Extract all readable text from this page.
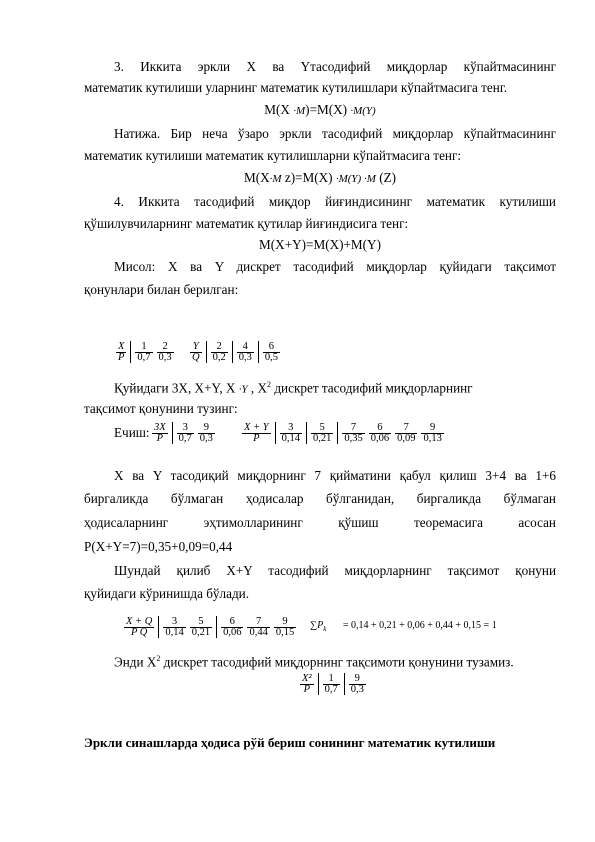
3. Иккита эркли X ва Yтасодифий миқдорлар кўпайтмасининг
математик кутилиши уларнинг математик кутилишлари кўпайтмасига тенг.
M(X ·M)=M(X) ·M(Y)
Натижа. Бир нeча ўзаро эркли тасодифий миқдорлар кўпайтмасининг
математик кутилиши математик кутилишларни кўпайтмасига тенг:
M(X·M z)=M(X) ·M(Y) ·M (Z)
4. Иккита тасодифий миқдор йиғиндисининг математик кутилиши
қўшилувчиларнинг математик қутилар йиғиндисига тенг:
M(X+Y)=M(X)+M(Y)
Мисол: X ва Y дискрет тасодифий миқдорлар қуйидаги тақсимот
қонунлари билан берилган:
$\frac{X}{P} \frac{1}{0,7} \frac{2}{0,3} \frac{Y}{Q} \frac{2}{0,2} \frac{4}{0,3} \frac{6}{0,5}$
Қуйидаги 3X, X+Y, X ·Y , $X^2$ дискрет тасодифий миқдорларнинг
тақсимот қонунини тузинг:
Ечиш: $\frac{3X}{P} \frac{3}{0,7} \frac{9}{0,3}$	$\frac{X + Y}{P} \frac{3}{0,14} \frac{5}{0,21} \frac{7}{0,35} \frac{6}{0,06} \frac{7}{0,09} \frac{9}{0,13}$
X ва Y тасодиқий миқдорнинг 7 қийматини қабул қилиш 3+4 ва 1+6
биргаликда бўлмаган ҳодисалар бўлганидан, биргаликда бўлмаган
ҳодисаларнинг эҳтимолларининг қўшиш теоремасига асосан
P(X+Y=7)=0,35+0,09=0,44
Шундай қилиб X+Y тасодифий миқдорларнинг тақсимот қонуни
қуйидаги кўринишда бўлади.
$\frac{X + Q}{\text{P Q}} \frac{3}{0,14} \frac{5}{0,21} \frac{6}{0,06} \frac{7}{0,44} \frac{9}{0,15} \sum P_k = 0,14 + 0,21 + 0,06 + 0,44 + 0,15 = 1$
Энди $X^2$ дискрет тасодифий миқдорнинг тақсимоти қонунини тузамиз.
$\frac{\text{X²}}{P} \frac{1}{0,7} \frac{9}{0,3}$
Эркли синашларда ҳодиса рўй бериш сонининг математик кутилиши
